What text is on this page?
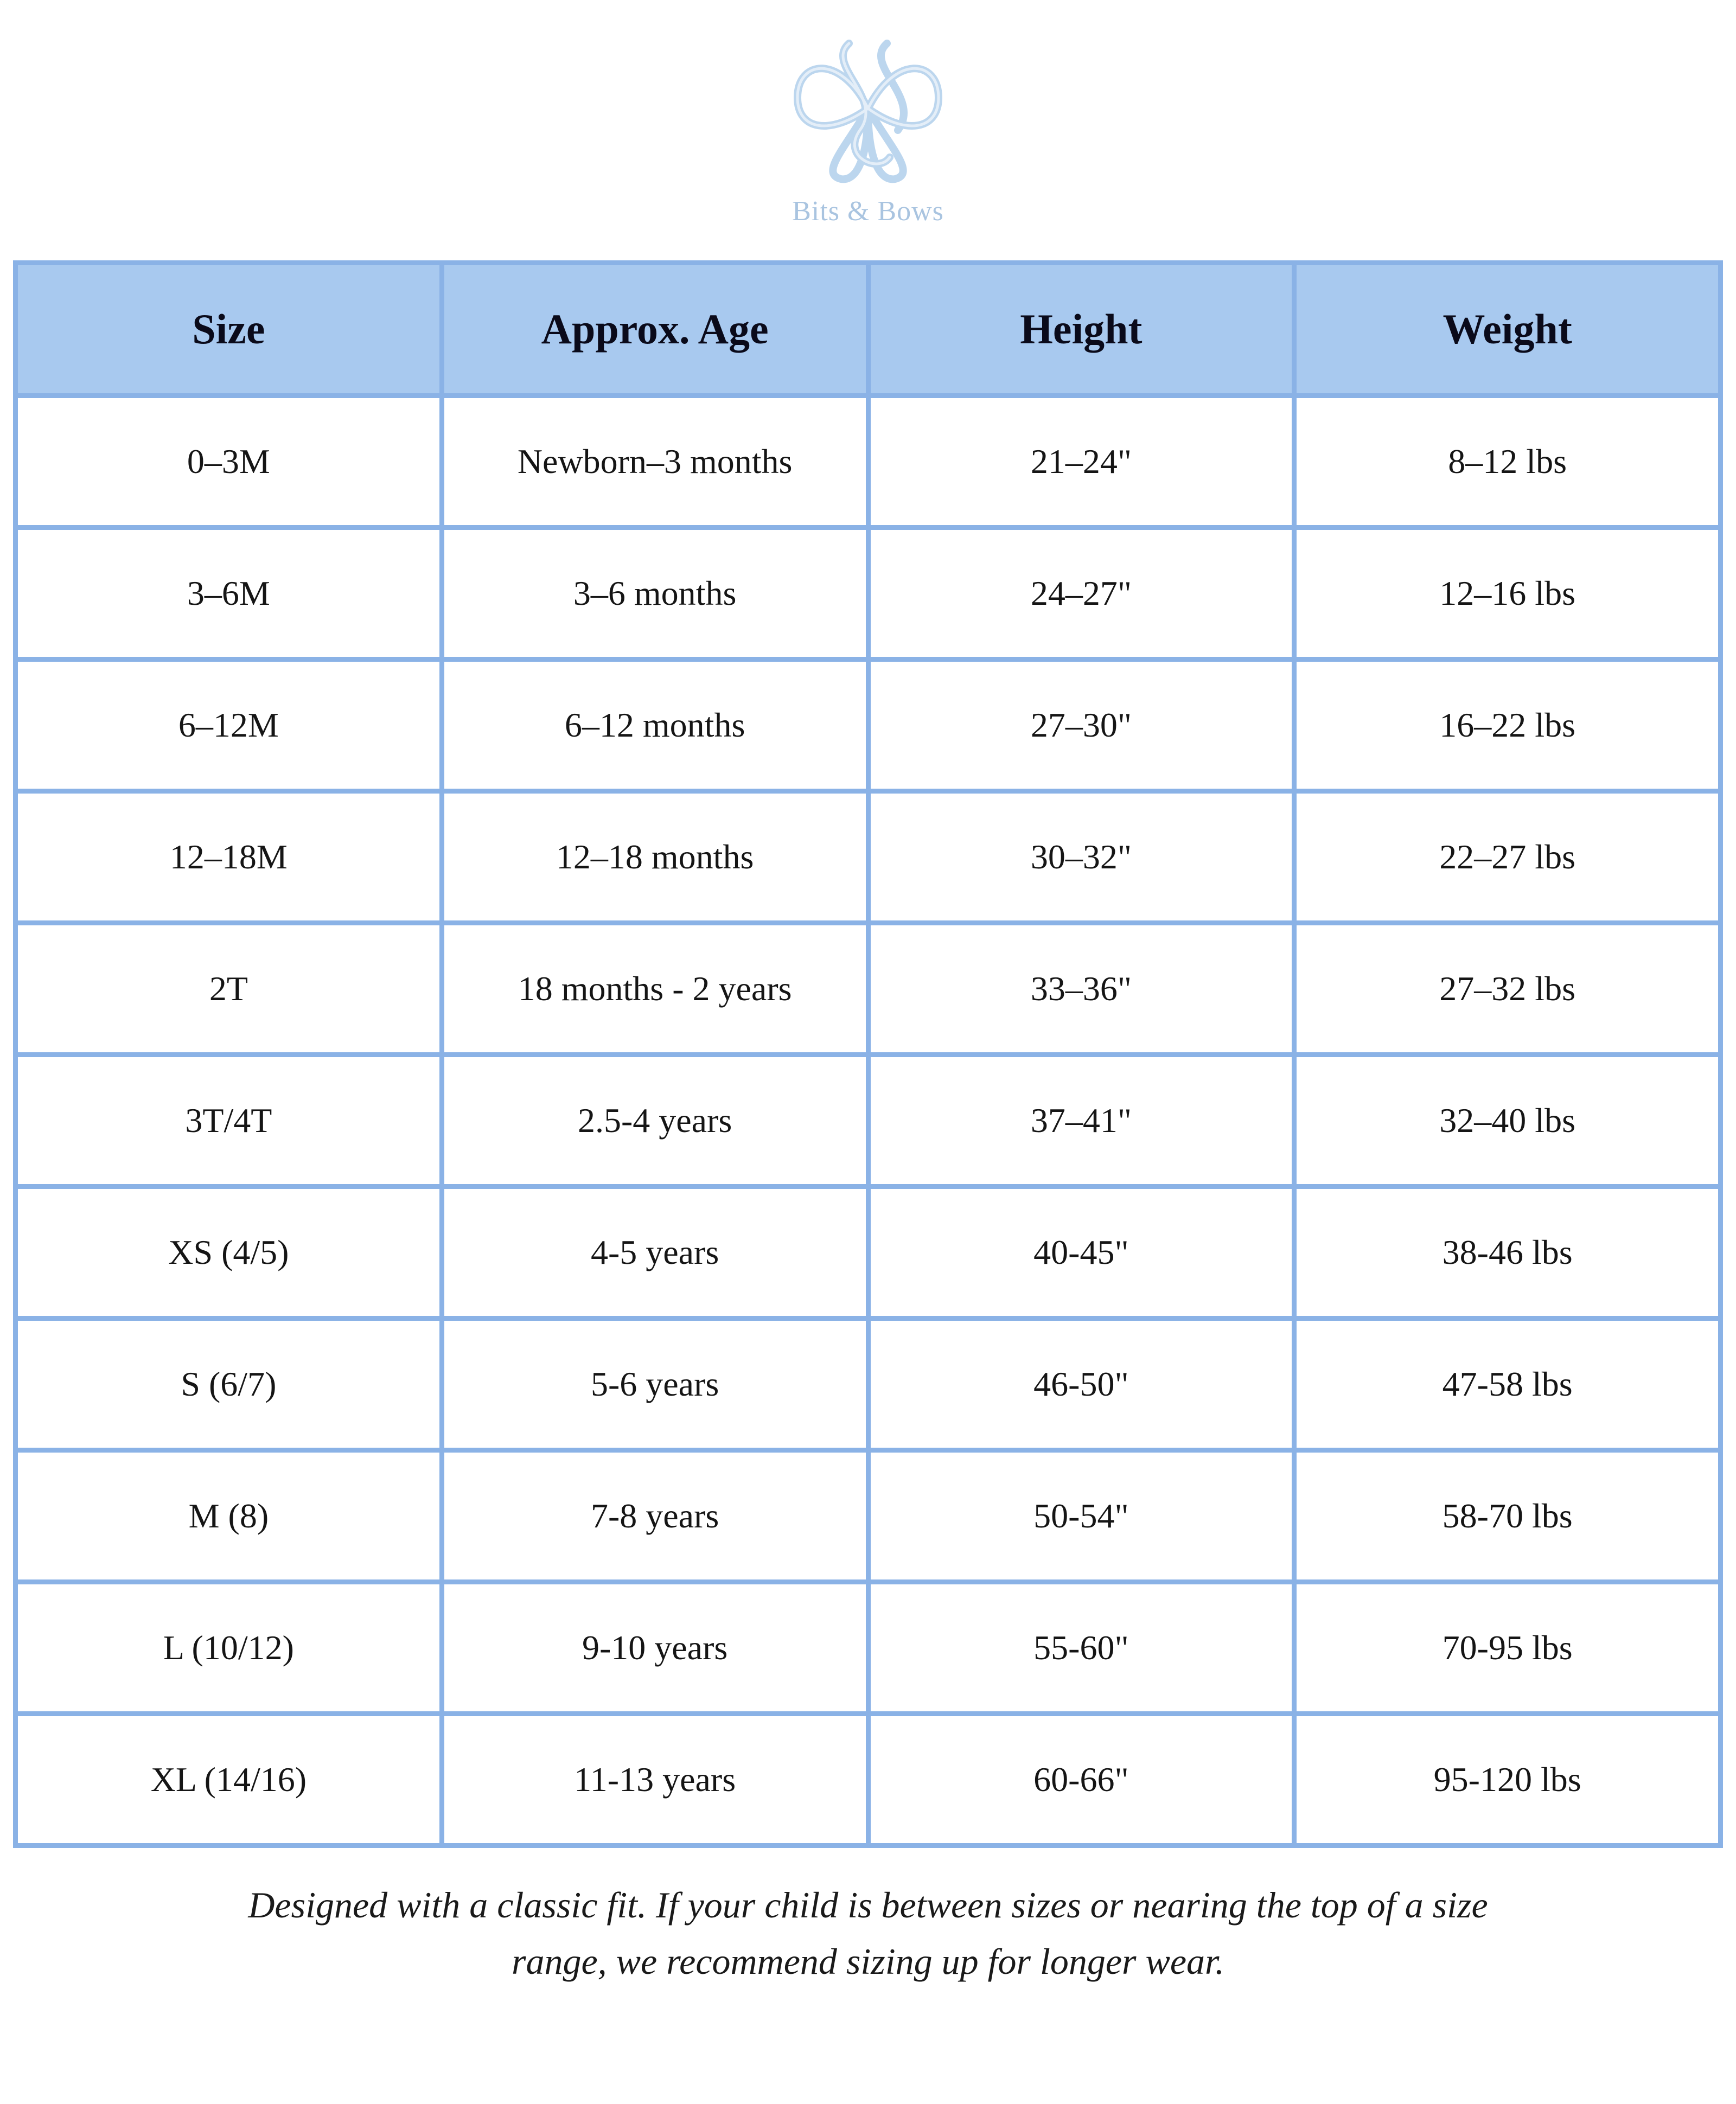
Bits & Bows
Size	Approx. Age	Height	Weight
0–3M	Newborn–3 months	21–24"	8–12 lbs
3–6M	3–6 months	24–27"	12–16 lbs
6–12M	6–12 months	27–30"	16–22 lbs
12–18M	12–18 months	30–32"	22–27 lbs
2T	18 months - 2 years	33–36"	27–32 lbs
3T/4T	2.5-4 years	37–41"	32–40 lbs
XS (4/5)	4-5 years	40-45"	38-46 lbs
S (6/7)	5-6 years	46-50"	47-58 lbs
M (8)	7-8 years	50-54"	58-70 lbs
L (10/12)	9-10 years	55-60"	70-95 lbs
XL (14/16)	11-13 years	60-66"	95-120 lbs
Designed with a classic fit. If your child is between sizes or nearing the top of a size
range, we recommend sizing up for longer wear.
